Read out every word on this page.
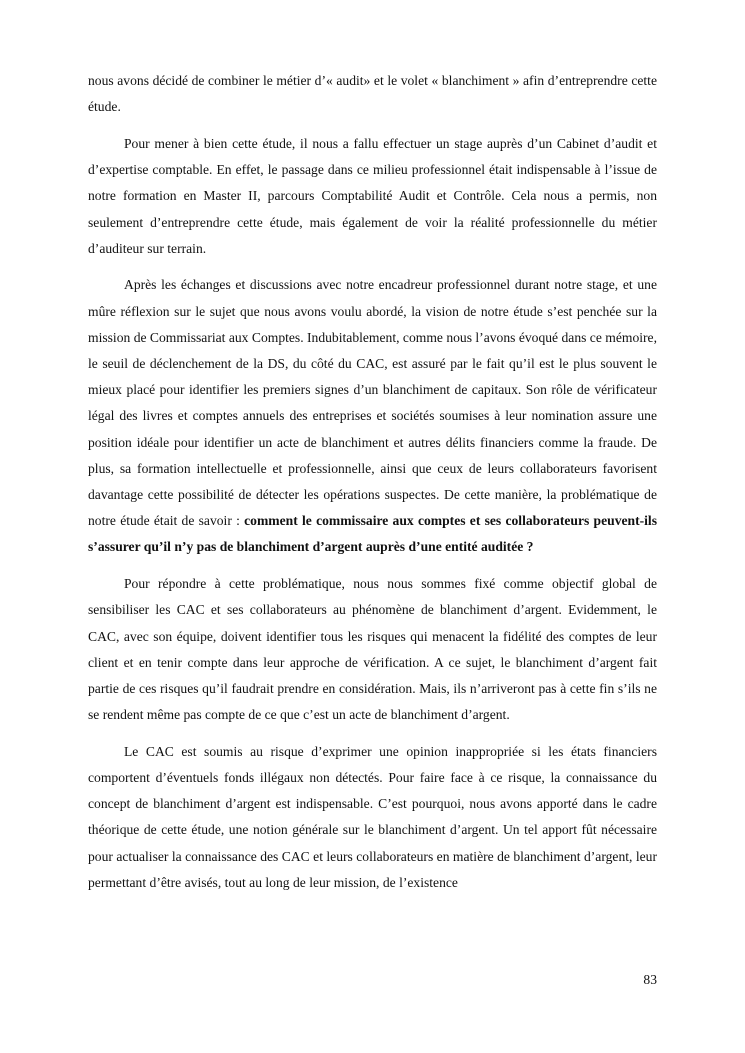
nous avons décidé de combiner le métier d’« audit» et le volet « blanchiment » afin d’entreprendre cette étude.

Pour mener à bien cette étude, il nous a fallu effectuer un stage auprès d’un Cabinet d’audit et d’expertise comptable. En effet, le passage dans ce milieu professionnel était indispensable à l’issue de notre formation en Master II, parcours Comptabilité Audit et Contrôle. Cela nous a permis, non seulement d’entreprendre cette étude, mais également de voir la réalité professionnelle du métier d’auditeur sur terrain.

Après les échanges et discussions avec notre encadreur professionnel durant notre stage, et une mûre réflexion sur le sujet que nous avons voulu abordé, la vision de notre étude s’est penchée sur la mission de Commissariat aux Comptes. Indubitablement, comme nous l’avons évoqué dans ce mémoire, le seuil de déclenchement de la DS, du côté du CAC, est assuré par le fait qu’il est le plus souvent le mieux placé pour identifier les premiers signes d’un blanchiment de capitaux. Son rôle de vérificateur légal des livres et comptes annuels des entreprises et sociétés soumises à leur nomination assure une position idéale pour identifier un acte de blanchiment et autres délits financiers comme la fraude. De plus, sa formation intellectuelle et professionnelle, ainsi que ceux de leurs collaborateurs favorisent davantage cette possibilité de détecter les opérations suspectes. De cette manière, la problématique de notre étude était de savoir : comment le commissaire aux comptes et ses collaborateurs peuvent-ils s’assurer qu’il n’y pas de blanchiment d’argent auprès d’une entité auditée ?

Pour répondre à cette problématique, nous nous sommes fixé comme objectif global de sensibiliser les CAC et ses collaborateurs au phénomène de blanchiment d’argent. Evidemment, le CAC, avec son équipe, doivent identifier tous les risques qui menacent la fidélité des comptes de leur client et en tenir compte dans leur approche de vérification. A ce sujet, le blanchiment d’argent fait partie de ces risques qu’il faudrait prendre en considération. Mais, ils n’arriveront pas à cette fin s’ils ne se rendent même pas compte de ce que c’est un acte de blanchiment d’argent.

Le CAC est soumis au risque d’exprimer une opinion inappropriée si les états financiers comportent d’éventuels fonds illégaux non détectés. Pour faire face à ce risque, la connaissance du concept de blanchiment d’argent est indispensable. C’est pourquoi, nous avons apporté dans le cadre théorique de cette étude, une notion générale sur le blanchiment d’argent. Un tel apport fût nécessaire pour actualiser la connaissance des CAC et leurs collaborateurs en matière de blanchiment d’argent, leur permettant d’être avisés, tout au long de leur mission, de l’existence

83
